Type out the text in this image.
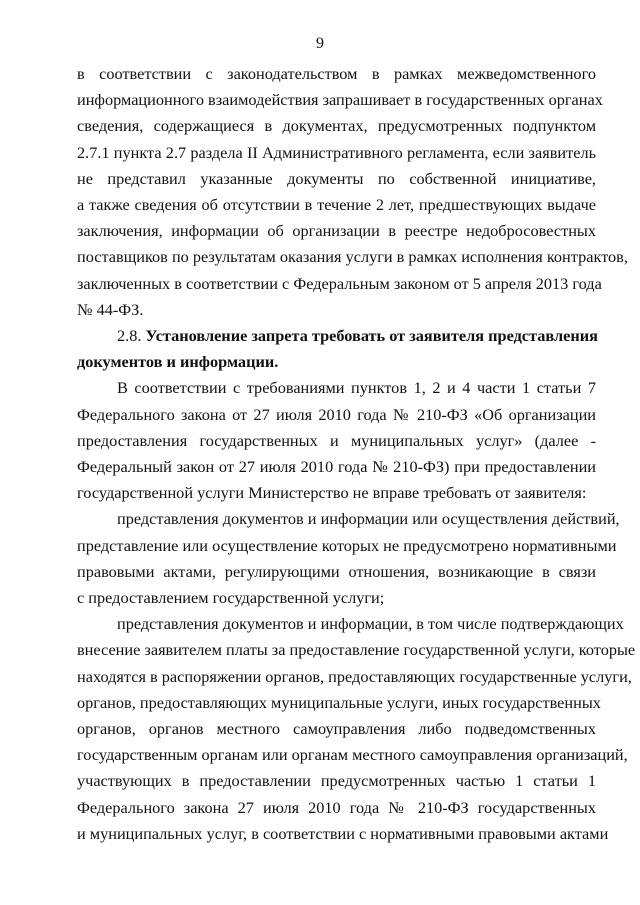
9
в соответствии с законодательством в рамках межведомственного
информационного взаимодействия запрашивает в государственных органах
сведения, содержащиеся в документах, предусмотренных подпунктом
2.7.1 пункта 2.7 раздела II Административного регламента, если заявитель
не представил указанные документы по собственной инициативе,
а также сведения об отсутствии в течение 2 лет, предшествующих выдаче
заключения, информации об организации в реестре недобросовестных
поставщиков по результатам оказания услуги в рамках исполнения контрактов,
заключенных в соответствии с Федеральным законом от 5 апреля 2013 года
№ 44-ФЗ.
2.8. Установление запрета требовать от заявителя представления
документов и информации.
В соответствии с требованиями пунктов 1, 2 и 4 части 1 статьи 7
Федерального закона от 27 июля 2010 года № 210-ФЗ «Об организации
предоставления государственных и муниципальных услуг» (далее -
Федеральный закон от 27 июля 2010 года № 210-ФЗ) при предоставлении
государственной услуги Министерство не вправе требовать от заявителя:
представления документов и информации или осуществления действий,
представление или осуществление которых не предусмотрено нормативными
правовыми актами, регулирующими отношения, возникающие в связи
с предоставлением государственной услуги;
представления документов и информации, в том числе подтверждающих
внесение заявителем платы за предоставление государственной услуги, которые
находятся в распоряжении органов, предоставляющих государственные услуги,
органов, предоставляющих муниципальные услуги, иных государственных
органов, органов местного самоуправления либо подведомственных
государственным органам или органам местного самоуправления организаций,
участвующих в предоставлении предусмотренных частью 1 статьи 1
Федерального закона 27 июля 2010 года № 210-ФЗ государственных
и муниципальных услуг, в соответствии с нормативными правовыми актами
